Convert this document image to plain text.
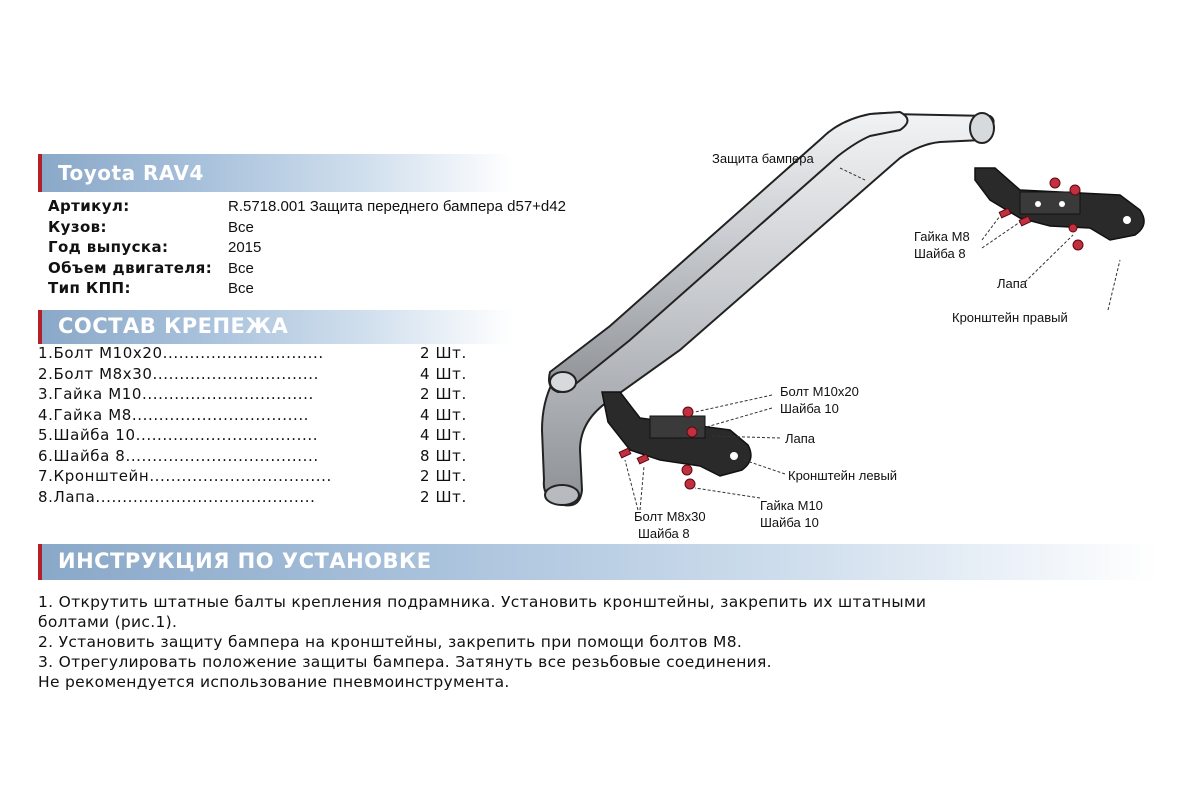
Toyota RAV4
Артикул:	R.5718.001 Защита переднего бампера d57+d42
Кузов:	Все
Год выпуска:	2015
Объем двигателя: Все
Тип КПП:	Все
СОСТАВ КРЕПЕЖА
1.Болт М10х20..............................	2 Шт.
2.Болт М8х30...............................	4 Шт.
3.Гайка М10................................	2 Шт.
4.Гайка М8.................................	4 Шт.
5.Шайба 10..................................	4 Шт.
6.Шайба 8....................................	8 Шт.
7.Кронштейн..................................	2 Шт.
8.Лапа.........................................	2 Шт.
ИНСТРУКЦИЯ ПО УСТАНОВКЕ
1. Открутить штатные балты крепления подрамника. Установить кронштейны, закрепить их штатными
болтами (рис.1).
2. Установить защиту бампера на кронштейны, закрепить при помощи болтов М8.
3. Отрегулировать положение защиты бампера. Затянуть все резьбовые соединения.
Не рекомендуется использование пневмоинструмента.
Защита бампера
Гайка М8
Шайба 8
Лапа
Кронштейн правый
Болт М10х20
Шайба 10
Лапа
Кронштейн левый
Гайка М10
Шайба 10
Болт М8х30
Шайба 8
